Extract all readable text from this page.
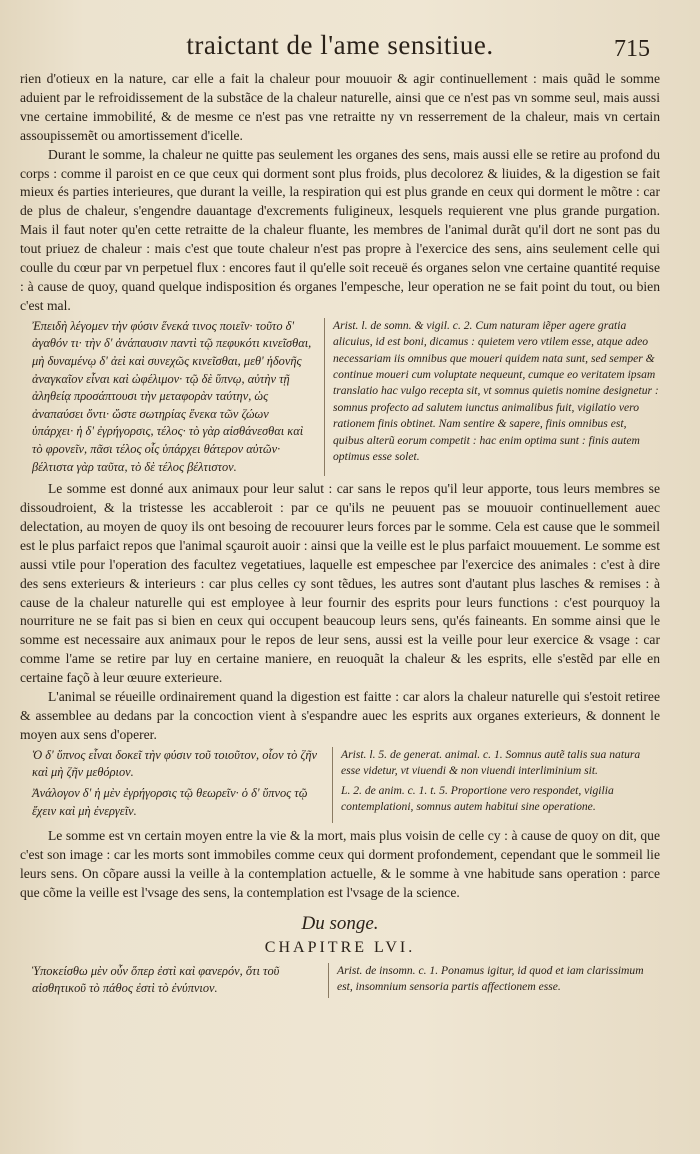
traictant de l'ame sensitiue.	715

rien d'otieux en la nature, car elle a fait la chaleur pour mouuoir & agir continuellement : mais quãd le somme aduient par le refroidissement de la substãce de la chaleur naturelle, ainsi que ce n'est pas vn somme seul, mais aussi vne certaine immobilité, & de mesme ce n'est pas vne retraitte ny vn resserrement de la chaleur, mais vn certain assoupissemẽt ou amortissement d'icelle.

Durant le somme, la chaleur ne quitte pas seulement les organes des sens, mais aussi elle se retire au profond du corps : comme il paroist en ce que ceux qui dorment sont plus froids, plus decolorez & liuides, & la digestion se fait mieux és parties interieures, que durant la veille, la respiration qui est plus grande en ceux qui dorment le mõtre : car de plus de chaleur, s'engendre dauantage d'excrements fuligineux, lesquels requierent vne plus grande purgation. Mais il faut noter qu'en cette retraitte de la chaleur fluante, les membres de l'animal durãt qu'il dort ne sont pas du tout priuez de chaleur : mais c'est que toute chaleur n'est pas propre à l'exercice des sens, ains seulement celle qui coulle du cœur par vn perpetuel flux : encores faut il qu'elle soit receuë és organes selon vne certaine quantité requise : à cause de quoy, quand quelque indisposition és organes l'empesche, leur operation ne se fait point du tout, ou bien c'est mal.

Ἐπειδὴ λέγομεν τὴν φύσιν ἕνεκά τινος ποιεῖν· τοῦτο δ' ἀγαθόν τι· τὴν δ' ἀνάπαυσιν παντὶ τῷ πεφυκότι κινεῖσθαι, μὴ δυναμένῳ δ' ἀεὶ καὶ συνεχῶς κινεῖσθαι, μεθ' ἡδονῆς ἀναγκαῖον εἶναι καὶ ὠφέλιμον· τῷ δὲ ὕπνῳ, αὐτὴν τῇ ἀληθείᾳ προσάπτουσι τὴν μεταφορὰν ταύτην, ὡς ἀναπαύσει ὄντι· ὥστε σωτηρίας ἕνεκα τῶν ζώων ὑπάρχει· ἡ δ' ἐγρήγορσις, τέλος· τὸ γὰρ αἰσθάνεσθαι καὶ τὸ φρονεῖν, πᾶσι τέλος οἷς ὑπάρχει θάτερον αὐτῶν· βέλτιστα γὰρ ταῦτα, τὸ δὲ τέλος βέλτιστον.
Arist. l. de somn. & vigil. c. 2. Cum naturam iẽper agere gratia alicuius, id est boni, dicamus : quietem vero vtilem esse, atque adeo necessariam iis omnibus que moueri quidem nata sunt, sed semper & continue moueri cum voluptate nequeunt, cumque eo veritatem ipsam translatio hac vulgo recepta sit, vt somnus quietis nomine designetur : somnus profecto ad salutem iunctus animalibus fuit, vigilatio vero rationem finis obtinet. Nam sentire & sapere, finis omnibus est, quibus alterũ eorum competit : hac enim optima sunt : finis autem optimus esse solet.

Le somme est donné aux animaux pour leur salut : car sans le repos qu'il leur apporte, tous leurs membres se dissoudroient, & la tristesse les accableroit : par ce qu'ils ne peuuent pas se mouuoir continuellement auec delectation, au moyen de quoy ils ont besoing de recouurer leurs forces par le somme. Cela est cause que le sommeil est le plus parfaict repos que l'animal sçauroit auoir : ainsi que la veille est le plus parfaict mouuement. Le somme est aussi vtile pour l'operation des facultez vegetatiues, laquelle est empeschee par l'exercice des animales : c'est à dire des sens exterieurs & interieurs : car plus celles cy sont tẽdues, les autres sont d'autant plus lasches & remises : à cause de la chaleur naturelle qui est employee à leur fournir des esprits pour leurs functions : c'est pourquoy la nourriture ne se fait pas si bien en ceux qui occupent beaucoup leurs sens, qu'és faineants. En somme ainsi que le somme est necessaire aux animaux pour le repos de leur sens, aussi est la veille pour leur exercice & vsage : car comme l'ame se retire par luy en certaine maniere, en reuoquãt la chaleur & les esprits, elle s'estẽd par elle en certaine façõ à leur œuure exterieure.

L'animal se réueille ordinairement quand la digestion est faitte : car alors la chaleur naturelle qui s'estoit retiree & assemblee au dedans par la concoction vient à s'espandre auec les esprits aux organes exterieurs, & donnent le moyen aux sens d'operer.

Ὁ δ' ὕπνος εἶναι δοκεῖ τὴν φύσιν τοῦ τοιοῦτον, οἷον τὸ ζῆν καὶ μὴ ζῆν μεθόριον.
Ἀνάλογον δ' ἡ μὲν ἐγρήγορσις τῷ θεωρεῖν· ὁ δ' ὕπνος τῷ ἔχειν καὶ μὴ ἐνεργεῖν.
Arist. l. 5. de generat. animal. c. 1. Somnus autẽ talis sua natura esse videtur, vt viuendi & non viuendi interliminium sit.
L. 2. de anim. c. 1. t. 5. Proportione vero respondet, vigilia contemplationi, somnus autem habitui sine operatione.

Le somme est vn certain moyen entre la vie & la mort, mais plus voisin de celle cy : à cause de quoy on dit, que c'est son image : car les morts sont immobiles comme ceux qui dorment profondement, cependant que le sommeil lie leurs sens. On cõpare aussi la veille à la contemplation actuelle, & le somme à vne habitude sans operation : parce que cõme la veille est l'vsage des sens, la contemplation est l'vsage de la science.

Du songe.
CHAPITRE LVI.
Ὑποκείσθω μὲν οὖν ὅπερ ἐστὶ καὶ φανερόν, ὅτι τοῦ αἰσθητικοῦ τὸ πάθος ἐστὶ τὸ ἐνύπνιον.
Arist. de insomn. c. 1. Ponamus igitur, id quod et iam clarissimum est, insomnium sensoria partis affectionem esse.
